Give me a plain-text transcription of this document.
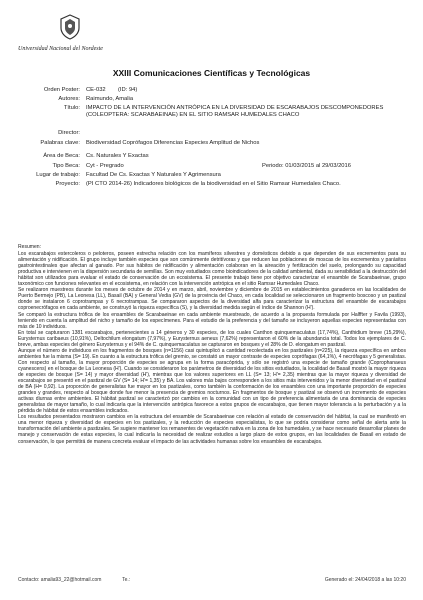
Universidad Nacional del Nordeste
XXIII Comunicaciones Científicas y Tecnológicas
Orden Poster: CE-032 (ID: 94)
Autores: Raimundo, Amalia
Título: IMPACTO DE LA INTERVENCIÓN ANTRÓPICA EN LA DIVERSIDAD DE ESCARABAJOS DESCOMPONEDORES (COLEOPTERA: SCARABAEINAE) EN EL SITIO RAMSAR HUMEDALES CHACO
Director:
Palabras clave: Biodiversidad Coprófagos Diferencias Especies Amplitud de Nichos
Área de Beca: Cs. Naturales Y Exactas
Tipo Beca: Cyt - Pregrado	Periodo: 01/03/2015 al 29/03/2016
Lugar de trabajo: Facultad De Cs. Exactas Y Naturales Y Agrimensura
Proyecto: (PI CTO 2014-26) Indicadores biológicos de la biodiversidad en el Sitio Ramsar Humedales Chaco.

Resumen:

Los escarabajos estercoleros o peloteros, poseen estrecha relación con los mamíferos silvestres y domésticos debido a que dependen de sus excrementos para su alimentación y nidificación. El grupo incluye también especies que son comúnmente detritívoras y que reducen las poblaciones de moscas de los excrementos y parásitos gastrointestinales que afectan al ganado. Por sus hábitos de nidificación y alimentación colaboran en la aireación y fertilización del suelo, prolongando su capacidad productiva e intervienen en la dispersión secundaria de semillas. Son muy estudiados como bioindicadores de la calidad ambiental, dada su sensibilidad a la destrucción del hábitat son utilizados para evaluar el estado de conservación de un ecosistema. El presente trabajo tiene por objetivo caracterizar el ensamble de Scarabaeinae, grupo taxonómico con funciones relevantes en el ecosistema, en relación con la intervención antrópica en el sitio Ramsar Humedales Chaco.

Se realizaron muestreos durante los meses de octubre de 2014 y en marzo, abril, noviembre y diciembre de 2015 en establecimientos ganaderos en las localidades de Puerto Bermejo (PB), La Leonesa (LL), Basail (BA) y General Vedia (GV) de la provincia del Chaco, en cada localidad se seleccionaron un fragmento boscoso y un pastizal donde se instalaron 6 coprotrampas y 6 necrotrampas. Se compararon aspectos de la diversidad alfa para caracterizar la estructura del ensamble de escarabajos coproenecrófagos en cada ambiente, se construyó la riqueza específica (S), y la diversidad medida según el índice de Shannon (H').

Se comparó la estructura trófica de los ensambles de Scarabaeinae en cada ambiente muestreado, de acuerdo a la propuesta formulada por Halffter y Favila (1993), teniendo en cuenta la amplitud del nicho y tamaño de los especímenes. Para el estudio de la preferencia y del tamaño se incluyeron aquellas especies representadas con más de 10 individuos.

En total se capturaron 1381 escarabajos, pertenecientes a 14 géneros y 30 especies, de los cuales Canthon quinquemaculatus (17,74%), Canthidium breve (15,29%), Eurysternus caribaeus (10,91%), Deltochilum elongatum (7,97%), y Eurysternus aeneus (7,62%) representaron el 60% de la abundancia total. Todos los ejemplares de C. breve, ambas especies del género Eurysternus y el 94% de C. quinquemaculatus se capturaron en bosques y el 28% de D. elongatum en pastizal.

Aunque el número de individuos en los fragmentos de bosques (n=1156) casi quintuplicó a cantidad recolectada en los pastizales (n=225), la riqueza específica en ambos ambientes fue la misma (S= 19). En cuanto a la estructura trófica del gremio, se constató un mayor contraste de especies coprófagas (64,1%), 4 necrófagas y 5 generalistas. Con respecto al tamaño, la mayor proporción de especies se agrupa en la forma paracóprida, y sólo se registró una especie de tamaño grande (Coprophanaeus cyanescens) en el bosque de La Leonesa (H'). Cuando se consideraron los parámetros de diversidad de los sitios estudiados, la localidad de Basail mostró la mayor riqueza de especies de bosque (S= 14) y mayor diversidad (H'), mientras que los valores superiores en LL (S= 13; H'= 2,35) mientras que la mayor riqueza y diversidad de escarabajos se presentó en el pastizal de GV (S= 14; H'= 1,35) y BA. Los valores más bajos corresponden a los sitios más intervenidos y la menor diversidad en el pastizal de BA (H= 0,92). La proporción de generalistas fue mayor en los pastizales, como también la conformación de los ensambles con una importante proporción de especies grandes y grandes, respecto al bosque donde fue menor la presencia de gremios nocturnos. En fragmentos de bosque y pastizal se observó un incremento de especies activas diurnas entre ambientes. El hábitat pastizal se caracterizó por cambios en la comunidad con un tipo de preferencia alimentaria de una dominancia de especies generalistas de mayor tamaño, lo cual indicaría que la intervención antrópica favorece a estos grupos de escarabajos, que tienen mayor tolerancia a la perturbación y a la pérdida de hábitat de estos ensambles indicados.

Los resultados presentados mostraron cambios en la estructura del ensamble de Scarabaeinae con relación al estado de conservación del hábitat, la cual se manifestó en una menor riqueza y diversidad de especies en los pastizales, y la reducción de especies especialistas, lo que se podría considerar como señal de alerta ante la transformación del ambiente a pastizales. Se sugiere mantener los remanentes de vegetación nativa en la zona de los humedales, y se hace necesario desarrollar planes de manejo y conservación de estas especies, lo cual indicaría la necesidad de realizar estudios a largo plazo de estos grupos, en las localidades de Basail en estado de conservación, lo que permitirá de manera concreta evaluar el impacto de las actividades humanas sobre los ensambles de escarabajos.

Contacto: amalia93_22@hotmail.com	Te.:	Generado el: 24/04/2018 a las 10:20
